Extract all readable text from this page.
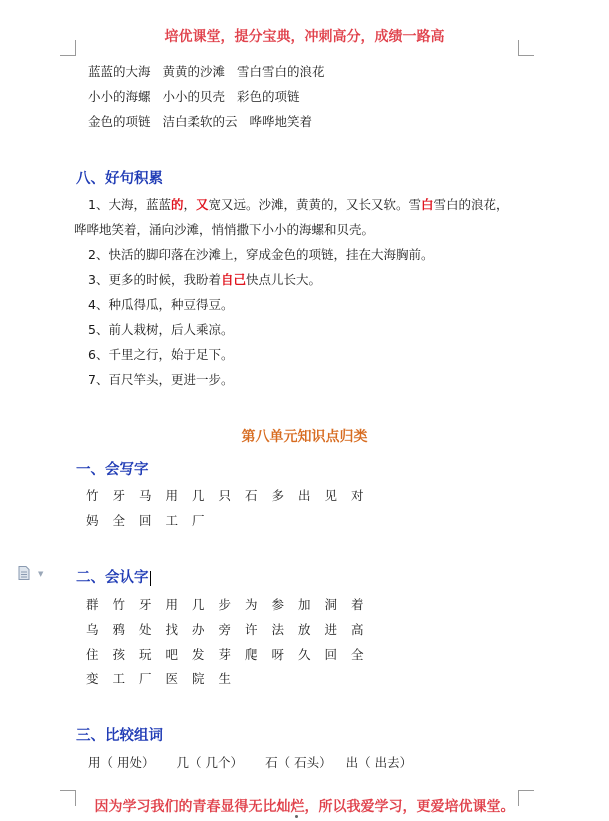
培优课堂，提分宝典，冲刺高分，成绩一路高
蓝蓝的大海 黄黄的沙滩 雪白雪白的浪花
小小的海螺 小小的贝壳 彩色的项链
金色的项链 洁白柔软的云 哗哗地笑着
八、好句积累
1、大海，蓝蓝的，又宽又远。沙滩，黄黄的，又长又软。雪白雪白的浪花，
哗哗地笑着，涌向沙滩，悄悄撒下小小的海螺和贝壳。
2、快活的脚印落在沙滩上，穿成金色的项链，挂在大海胸前。
3、更多的时候，我盼着自己快点儿长大。
4、种瓜得瓜，种豆得豆。
5、前人栽树，后人乘凉。
6、千里之行，始于足下。
7、百尺竿头，更进一步。
第八单元知识点归类
一、会写字
竹 牙 马 用 几 只 石 多 出 见 对
妈 全 回 工 厂
▼ 二、会认字
群 竹 牙 用 几 步 为 参 加 洞 着
乌 鸦 处 找 办 旁 许 法 放 进 高
住 孩 玩 吧 发 芽 爬 呀 久 回 全
变 工 厂 医 院 生
三、比较组词
用（ 用处） 几（ 几个） 石（ 石头） 出（ 出去）
因为学习我们的青春显得无比灿烂，所以我爱学习，更爱培优课堂。
